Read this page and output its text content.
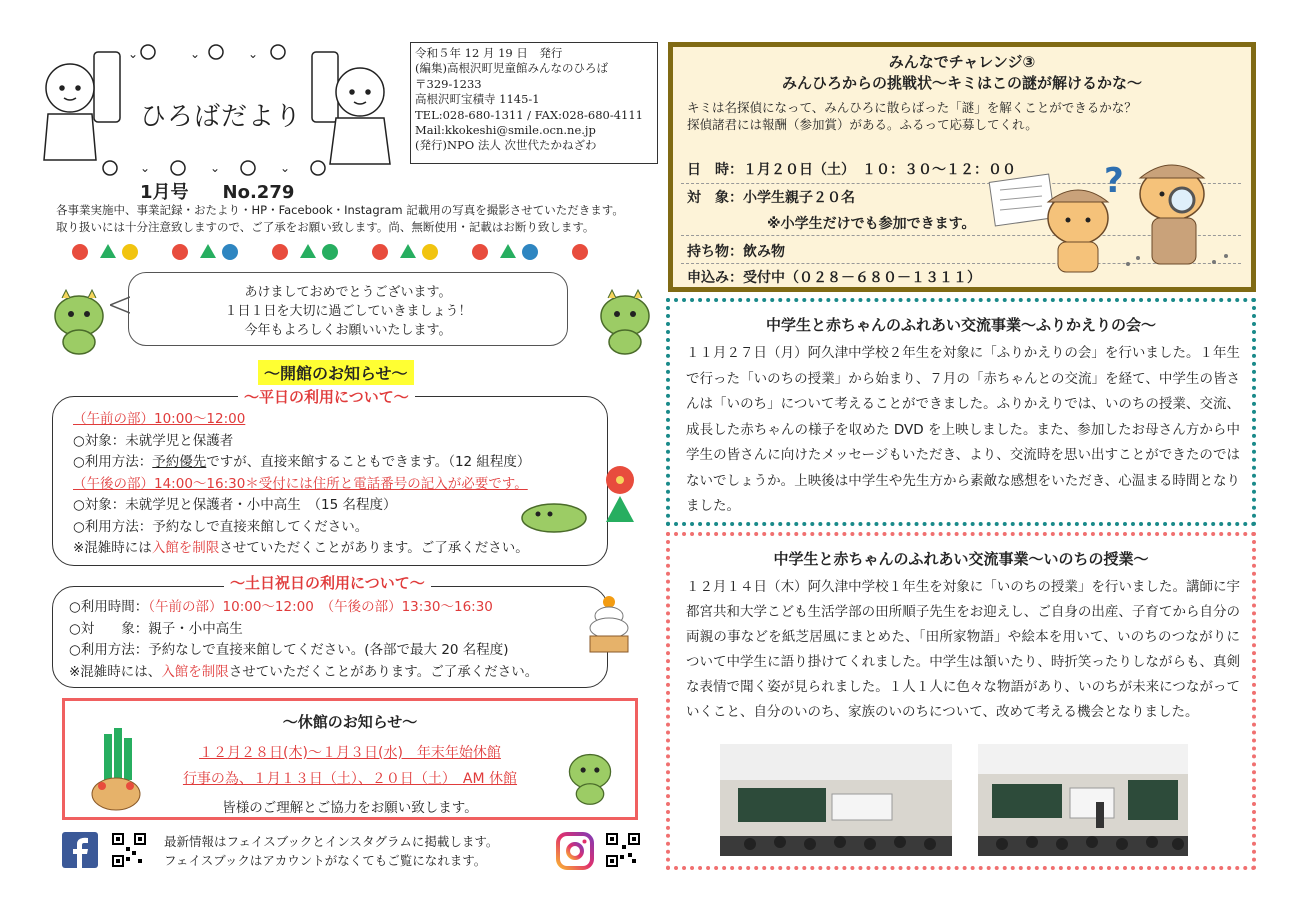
⌄	⌄	⌄
⌄	⌄	⌄
ひろばだより
1月号 No.279
令和５年 12 月 19 日　発行
(編集)高根沢町児童館みんなのひろば
〒329-1233
高根沢町宝積寺 1145-1
TEL:028-680-1311 / FAX:028-680-4111
Mail:kkokeshi@smile.ocn.ne.jp
(発行)NPO 法人 次世代たかねざわ
各事業実施中、事業記録・おたより・HP・Facebook・Instagram 記載用の写真を撮影させていただきます。
取り扱いには十分注意致しますので、ご了承をお願い致します。尚、無断使用・記載はお断り致します。
あけましておめでとうございます。
１日１日を大切に過ごしていきましょう！
今年もよろしくお願いいたします。
～開館のお知らせ～
（午前の部）10:00～12:00
○対象：未就学児と保護者
○利用方法：予約優先ですが、直接来館することもできます。（12 組程度）
（午後の部）14:00～16:30＊受付には住所と電話番号の記入が必要です。
○対象：未就学児と保護者・小中高生　（15 名程度）
○利用方法：予約なしで直接来館してください。
※混雑時には入館を制限させていただくことがあります。ご了承ください。
～平日の利用について～
○利用時間：（午前の部）10:00～12:00　（午後の部）13:30～16:30
○対　　象：親子・小中高生
○利用方法：予約なしで直接来館してください。(各部で最大 20 名程度)
※混雑時には、入館を制限させていただくことがあります。ご了承ください。
～土日祝日の利用について～
～休館のお知らせ～
１２月２８日(木)～１月３日(水)　年末年始休館
行事の為、１月１３日（土）、２０日（土）　AM 休館
皆様のご理解とご協力をお願い致します。
最新情報はフェイスブックとインスタグラムに掲載します。
フェイスブックはアカウントがなくてもご覧になれます。
みんなでチャレンジ③
みんひろからの挑戦状～キミはこの謎が解けるかな～
キミは名探偵になって、みんひろに散らばった「謎」を解くことができるかな？
探偵諸君には報酬（参加賞）がある。ふるって応募してくれ。
日　時：１月２０日（土）　１０：３０～１２：００
対　象：小学生親子２０名
※小学生だけでも参加できます。
持ち物：飲み物
申込み：受付中（０２８－６８０－１３１１）
?
中学生と赤ちゃんのふれあい交流事業～ふりかえりの会～
１１月２７日（月）阿久津中学校２年生を対象に「ふりかえりの会」を行いました。１年生で行った「いのちの授業」から始まり、７月の「赤ちゃんとの交流」を経て、中学生の皆さんは「いのち」について考えることができました。ふりかえりでは、いのちの授業、交流、成長した赤ちゃんの様子を収めた DVD を上映しました。また、参加したお母さん方から中学生の皆さんに向けたメッセージもいただき、より、交流時を思い出すことができたのではないでしょうか。上映後は中学生や先生方から素敵な感想をいただき、心温まる時間となりました。
中学生と赤ちゃんのふれあい交流事業～いのちの授業～
１２月１４日（木）阿久津中学校１年生を対象に「いのちの授業」を行いました。講師に宇都宮共和大学こども生活学部の田所順子先生をお迎えし、ご自身の出産、子育てから自分の両親の事などを紙芝居風にまとめた、「田所家物語」や絵本を用いて、いのちのつながりについて中学生に語り掛けてくれました。中学生は頷いたり、時折笑ったりしながらも、真剣な表情で聞く姿が見られました。１人１人に色々な物語があり、いのちが未来につながっていくこと、自分のいのち、家族のいのちについて、改めて考える機会となりました。
